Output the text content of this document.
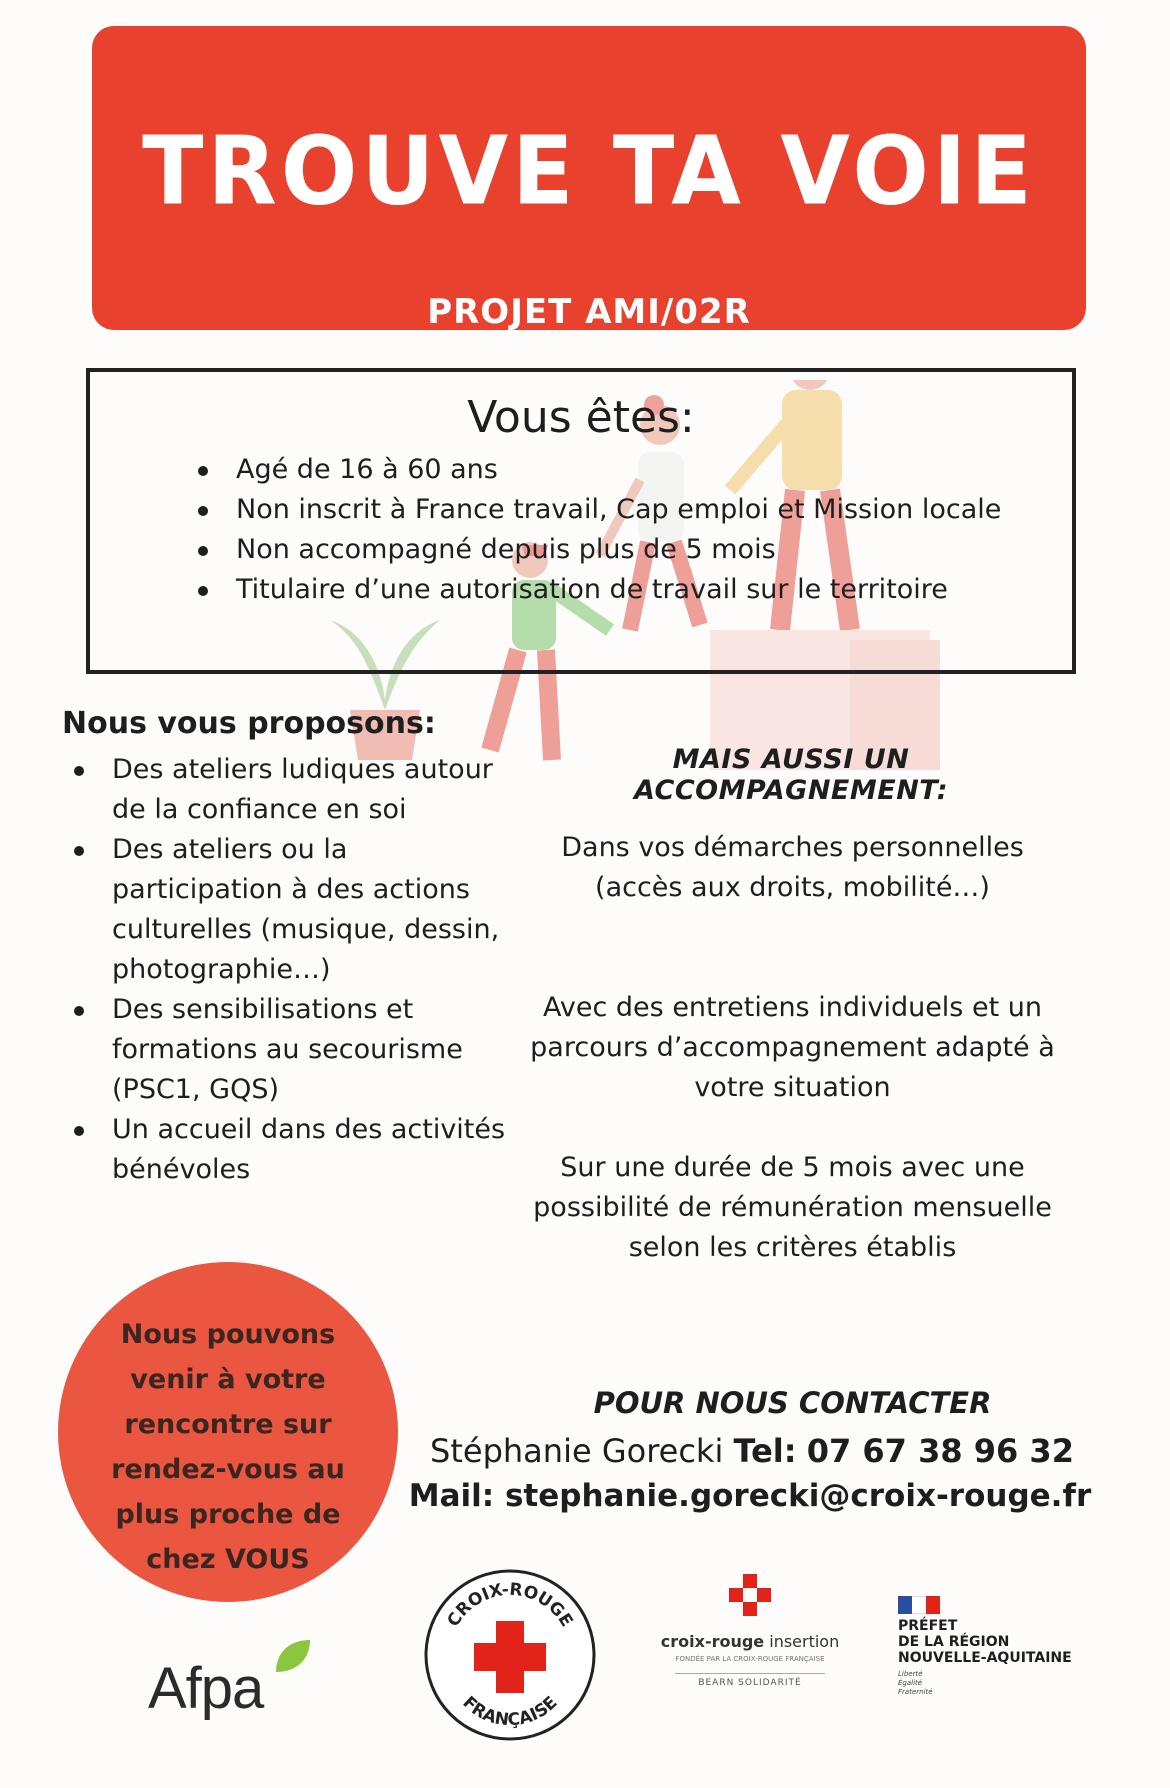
TROUVE TA VOIE
PROJET AMI/02R
Vous êtes:
Agé de 16 à 60 ans
Non inscrit à France travail, Cap emploi et Mission locale
Non accompagné depuis plus de 5 mois
Titulaire d’une autorisation de travail sur le territoire
Nous vous proposons:
Des ateliers ludiques autour de la confiance en soi
Des ateliers ou la participation à des actions culturelles (musique, dessin, photographie…)
Des sensibilisations et formations au secourisme (PSC1, GQS)
Un accueil dans des activités bénévoles
MAIS AUSSI UN ACCOMPAGNEMENT:
Dans vos démarches personnelles (accès aux droits, mobilité…)
Avec des entretiens individuels et un parcours d’accompagnement adapté à votre situation
Sur une durée de 5 mois avec une possibilité de rémunération mensuelle selon les critères établis
Nous pouvons venir à votre rencontre sur rendez-vous au plus proche de chez VOUS
POUR NOUS CONTACTER
Stéphanie Gorecki Tel: 07 67 38 96 32
Mail: stephanie.gorecki@croix-rouge.fr
Afpa
CROIX-ROUGE
FRANÇAISE
croix-rouge insertion
FONDÉE PAR LA CROIX-ROUGE FRANÇAISE
BEARN SOLIDARITÉ
PRÉFET
DE LA RÉGION
NOUVELLE-AQUITAINE
Liberté
Égalité
Fraternité
